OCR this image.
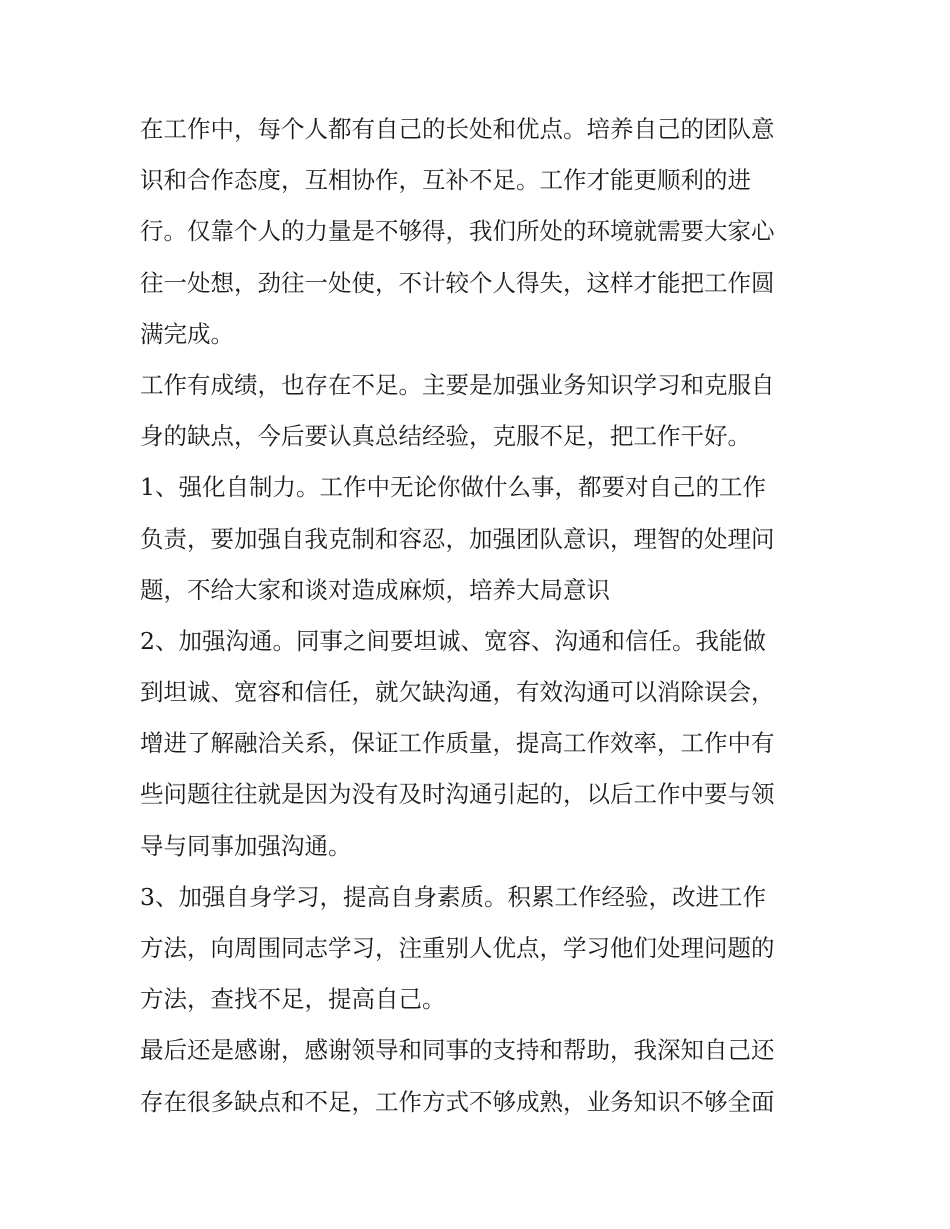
在工作中，每个人都有自己的长处和优点。培养自己的团队意
识和合作态度，互相协作，互补不足。工作才能更顺利的进
行。仅靠个人的力量是不够得，我们所处的环境就需要大家心
往一处想，劲往一处使，不计较个人得失，这样才能把工作圆
满完成。
工作有成绩，也存在不足。主要是加强业务知识学习和克服自
身的缺点，今后要认真总结经验，克服不足，把工作干好。
1、强化自制力。工作中无论你做什么事，都要对自己的工作
负责，要加强自我克制和容忍，加强团队意识，理智的处理问
题，不给大家和谈对造成麻烦，培养大局意识
2、加强沟通。同事之间要坦诚、宽容、沟通和信任。我能做
到坦诚、宽容和信任，就欠缺沟通，有效沟通可以消除误会，
增进了解融洽关系，保证工作质量，提高工作效率，工作中有
些问题往往就是因为没有及时沟通引起的，以后工作中要与领
导与同事加强沟通。
3、加强自身学习，提高自身素质。积累工作经验，改进工作
方法，向周围同志学习，注重别人优点，学习他们处理问题的
方法，查找不足，提高自己。
最后还是感谢，感谢领导和同事的支持和帮助，我深知自己还
存在很多缺点和不足，工作方式不够成熟，业务知识不够全面
